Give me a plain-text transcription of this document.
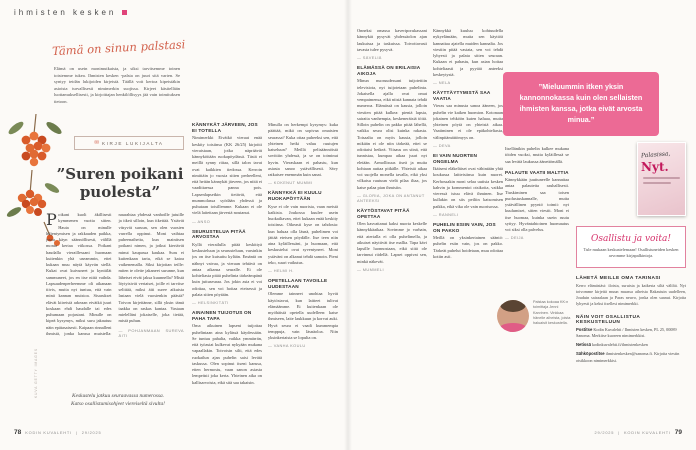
ihmisten kesken
Tämä on sinun palstasi
Elämä on usein monimutkaista, ja siksi tarvitsemme toinen toistemme tukea. Ihmisten kesken -palsta on juuri sitä varten. Se syntyy teidän lukijoiden kirjeistä. Täällä voit kertoa kipeistäkin asioista turvallisesti nimimerkin suojissa. Kirjeet käsitellään luottamuksellisesti, ja kirjoittajan henkilöllisyys jää vain toimituksen tietoon.
✉ KIRJE LUKIJALTA
”Suren poikani puolesta”

Poikani kuoli äkillisesti kymmenen vuotta sitten. Hauta on minulle hiljentymisen ja rakkauden paikka, jossa käyn säännöllisesti, välillä monta kertaa viikossa. Poikani haudalla vieraillessani huomaan kuitenkin yhä useammin, ettei kukaan muu näytä käyvän siellä. Kukat ovat kuivuneet ja kynttilät sammuneet, jos en itse niitä vaihda. Lapsuudenperheemme oli aikanaan tiivis, mutta nyt tuntuu, että vain minä kannan muistoa. Sisarukset elävät kiireistä arkeaan eivätkä juuri koskaan ehdi haudalle tai edes puhumaan pojastani. Minulle on kipeä kysymys, miksi suru jakautuu näin epätasaisesti. Kaipaan rinnalleni ihmistä, jonka kanssa muistella: naurahtaa yhdessä vanhoille jutuille ja itkeä silloin, kun itkettää. Ystävät väsyvät suruun, sen olen vuosien varrella oppinut. Moni vaihtaa puheenaihetta, kun mainitsen poikani nimen, ja jotkut kiertävät minut kaupassa kaukaa. Suru ei kuitenkaan tartu, eikä se katoa vaikenemalla. Siksi kirjoitan teille: miten te olette jakaneet surunne, kun läheiset eivät jaksa kuunnella? Mistä löytyisivät vertaiset, joille ei tarvitse selittää, miksi äiti suree aikuista lastaan vielä vuosienkin päästä? Toivon kirjeitänne, sillä yksin tämä taakka on raskas kantaa. Vastaan mielelläni jokaiselle, joka tietää, mistä puhun.

— POHJANMAAN SUREVA ÄITI
Keskustelu jatkuu seuraavassa numerossa.
Katso osallistumisohjeet viereiseltä sivulta!
KUVA GETTY IMAGES
KÄNNYKÄT JÄRVEEN, JOS EI TOTELLA

Nimimerkki Eivätkö vieraat enää keskity toisiinsa (KK 26/25) kirjoitti vieraistaan, jotka näpräävät kännyköitään ruokapöydässä. Tästä ei meillä synny riitaa, sillä talon tavat ovat kaikkien tiedossa. Kerroin nimittäin jo vuosia sitten perheelleni, että heitän kännykät järveen, jos niitä ei vaadittaessa panna pois. Lapsenlapsetkin tietävät, että mummolassa syödään yhdessä ja puhutaan toisillemme. Kukaan ei ole vielä laitettaan järvestä noutanut.

— ANSO
SEURUSTELUA PITÄÄ ARVOSTAA

Kyllä vierailulla pitää keskittyä keskusteluun ja seurusteluun, varsinkin jos on itse kutsuttu kylään. Emäntä on nähnyt vaivaa, ja vieraan tehtävä on antaa aikansa seuralle. Ei ole kohteliasta pitää puhelinta tärkeämpänä kuin juttuseuraa. Jos jokin asia ei voi odottaa, sen voi hoitaa eteisessä ja palata sitten pöytään.

— HELSINKITÄTI
AINAINEN TUIJOTUS ON PAHA TAPA

Oma aikuinen lapseni tuijottaa puhelintaan aina kylässä käydessään. Se tuntuu pahalta, vaikka ymmärrän, että työasiat kulkevat nykyään mukana vapaallakin. Toivoisin silti, että edes ruokailun ajan puhelin saisi levätä taskussa. Olen sopinut itseni kanssa, etten hermostu, vaan sanon asiasta lempeästi joka kerta. Yhteinen aika on kallisarvoista, eikä sitä saa takaisin.

Minulla on herkempi kysymys: kuka päättää, mikä on sopivaa omaisten seurassa? Kuka ottaa puheeksi sen, että yhteinen hetki valuu ruutujen katseluun? Meillä pelisäännöistä sovittiin yhdessä, ja se on toiminut hyvin. Vieraskaan ei pahastu, kun asiasta sanoo ystävällisesti. Sävy ratkaisee enemmän kuin sanat.

— KOKENUT MUMMI
KÄNNYKKÄ EI KUULU RUOKAPÖYTÄÄN

Kyse ei ole vain nuorista, vaan meistä kaikista. Joukossa kuulee usein huokailtavan, ettei kukaan enää keskity toisiinsa. Oikeasti kyse on tahdosta: kun haluaa olla läsnä, puhelimen voi jättää eteisen pöydälle. Itse teen niin aina kyläillessäni, ja huomaan, että keskustelut ovat syventyneet. Moni ystäväni on alkanut tehdä samoin. Pieni teko, suuri vaikutus.

— HELMI H.
OPETELLAAN TAVOILLE UUDESTAAN

Olemme tainneet unohtaa hyvät käytöstavat, kun laitteet tulivat elämäämme. Ei kuitenkaan ole myöhäistä opetella uudelleen: katse ihmiseen, laite laukkuun ja korvat auki. Hyvä seura ei vaadi kummempia temppuja, vain läsnäoloa. Niin yksinkertaista se lopulta on.

— VANHA KOULU

Onneksi omassa kaveriporukassani kännykät pysyvät yhdessäolon ajan laukuissa ja taskuissa. Toivottavasti tavasta tulee pysyvä.

— SÄVELIÄ
ELÄMÄSSÄ ON ERILAISIA AIKOJA

Minun nuoruudessani tuijotettiin televisiota, nyt tuijotetaan puhelinta. Jokaisella ajalla ovat omat vempaimensa, eikä niistä kannata tehdä numeroa. Elämässä on kausia, jolloin viestien pitää kulkea: pieniä lapsia, sairaita vanhempia, keskeneräisiä töitä. Silloin puhelin on pakko pitää lähellä, vaikka seura olisi kuinka rakasta. Toisaalta on myös kausia, jolloin mikään ei ole niin tärkeää, ettei se odottaisi hetkeä. Viisaus on siinä, että tunnistaa, kumpaa aikaa juuri nyt eletään. Armollisuus itseä ja muita kohtaan auttaa pitkälle. Yhteistä aikaa voi suojella monella tavalla, eikä yksi vilkaisu ruutuun vielä pilaa iltaa, jos katse palaa pian ihmisiin.

— GLORIA, JOKA ON ANTANUT ANTEEKSI
KÄYTÖSTAVAT PITÄÄ OPETTAA

Olen kasvattanut kaksi nuorta keskelle kännykkäaikaa. Sovimme jo varhain, että aterialla ei olla puhelimella, ja aikuiset näyttivät itse mallia. Tapa kävi lapsille luonnostaan, eikä siitä ole tarvinnut riidellä. Lapset oppivat sen, minkä näkevät.

— MUMMELI

Kännykkä kuuluu kohtuudella nykyelämään, mutta sen käyttöä kannattaa ajatella muiden kannalta. Jos viestiin pitää vastata, sen voi tehdä lyhyesti ja palata sitten seuraan. Kukaan ei pahastu, kun asian hoitaa kohteliaasti ja pyytää anteeksi keskeytystä.

— NELA
KÄYTTÄYTYMISTÄ SAA VAATIA

Vieras saa minusta sanoa ääneen, jos puhelin vie kaiken huomion. Kotonaan jokainen tehköön kuten haluaa, mutta yhteinen pöytä on yhteistä aikaa. Vaatiminen ei ole epäkohteliasta, välinpitämättömyys on.

— DEVA
EI VAIN NUORTEN ONGELMA

Ikäiseni eläkeläiset ovat vähintään yhtä koukussa laitteisiinsa kuin nuoret. Kerhossakin moni selaa uutisia kesken kahvin ja kommentoi otsikoita, vaikka vieressä istuu elävä ihminen. Itse kullakin on siis peiliin katsomisen paikka, eikä vika ole vain nuorisossa.

— RANNELI
PUHELIN ESIIN VAIN, JOS ON PAKKO

Meillä on yksinkertainen sääntö: puhelin esiin vain, jos on pakko. Tärkeät puhelut hoidetaan, muu odottaa kotiin asti.

”Mieluummin itken yksin kannonnokassa kuin olen sellaisten ihmisten kanssa, jotka eivät arvosta minua.”

Itsellänikin puhelin kulkee mukana töiden vuoksi, mutta kyläillessä se saa levätä laukussa äänettömällä.

PALAUTE VAATII MALTTIA

Kännykkään juuttuneelle kannattaa antaa palautetta rauhallisesti. Tiuskiminen saa toisen puolustuskannalle, mutta ystävällinen pyyntö toimii: nyt kuulumiset, sitten viestit. Moni ei itse huomaa, kuinka usein ruutu syttyy. Hyväntahtoinen huomautus voi siksi olla palvelus.

— DEIJA
Palstaa kokoaa KK:n toimittaja Jenni Karvinen. Vinkkaa hänelle aiheista, joista haluaisit keskustella.
Palasissa,
Nyt.
Osallistu ja voita!
Tule mukaan keskustelemaan! Osallistuneiden kesken arvomme kirjapalkintoja.
LÄHETÄ MEILLE OMA TARINASI

Kerro elämästäsi: iloista, suruista ja kaikesta siltä väliltä. Nyt toivomme kirjeitä muun muassa aiheista Rakastuin uudelleen, Jouduin sairaalaan ja Paras neuvo, jonka olen saanut. Kirjoita lyhyesti ja keksi itsellesi nimimerkki.

NÄIN VOIT OSALLISTUA KESKUSTELUUN

Postitse Kodin Kuvalehti / Ihmisten kesken, PL 25, 00089 Sanoma. Merkitse kuoreen nimimerkkisi.

Netissä kodinkuvalehti.fi/ihmistenkesken

Sähköpostitse ihmistenkesken@sanoma.fi. Kirjoita viestin otsikkoon nimimerkkisi.

78 KODIN KUVALEHTI | 29/2025	29/2025 | KODIN KUVALEHTI 79
